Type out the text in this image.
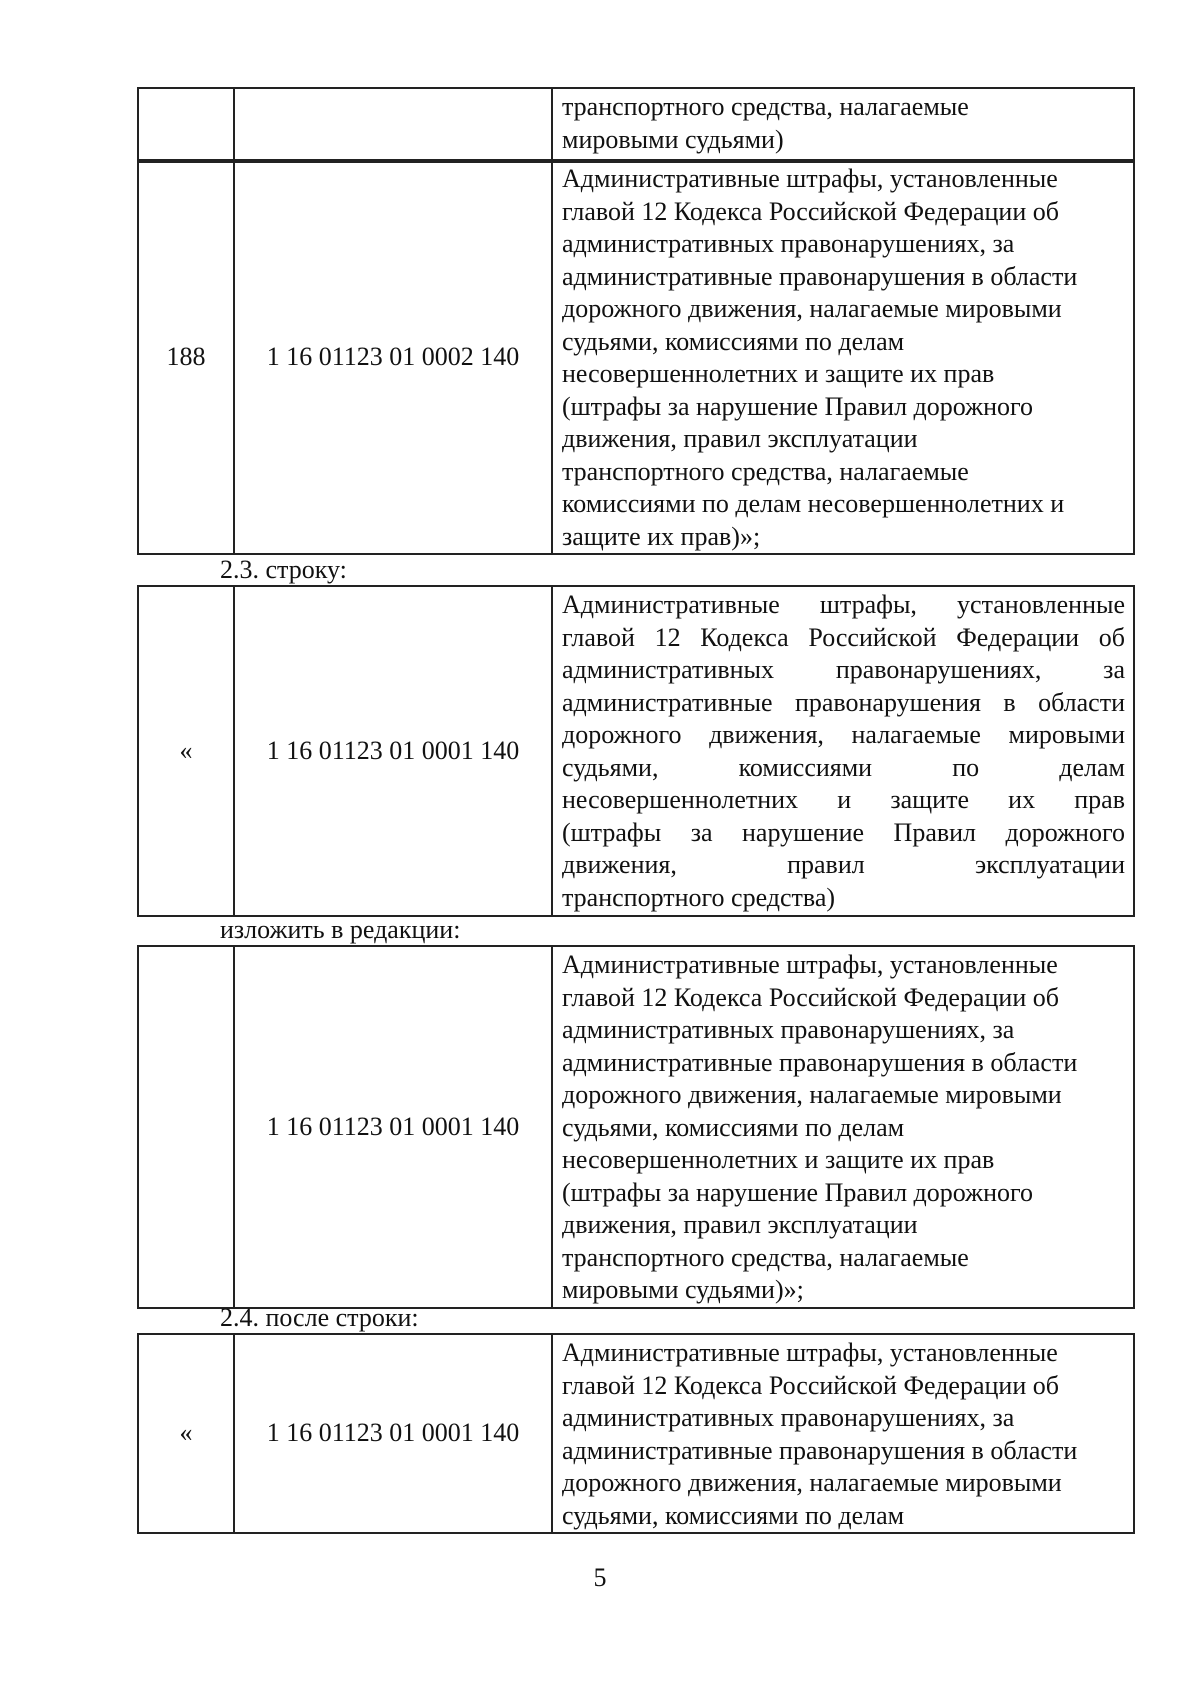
транспортного средства, налагаемые
мировыми судьями)
188	1 16 01123 01 0002 140	
Административные штрафы, установленные
главой 12 Кодекса Российской Федерации об
административных правонарушениях, за
административные правонарушения в области
дорожного движения, налагаемые мировыми
судьями, комиссиями по делам
несовершеннолетних и защите их прав
(штрафы за нарушение Правил дорожного
движения, правил эксплуатации
транспортного средства, налагаемые
комиссиями по делам несовершеннолетних и
защите их прав)»;
2.3. строку:
«	1 16 01123 01 0001 140	
Административные штрафы, установленные
главой 12 Кодекса Российской Федерации об
административных правонарушениях, за
административные правонарушения в области
дорожного движения, налагаемые мировыми
судьями, комиссиями по делам
несовершеннолетних и защите их прав
(штрафы за нарушение Правил дорожного
движения, правил эксплуатации
транспортного средства)
изложить в редакции:
	1 16 01123 01 0001 140	
Административные штрафы, установленные
главой 12 Кодекса Российской Федерации об
административных правонарушениях, за
административные правонарушения в области
дорожного движения, налагаемые мировыми
судьями, комиссиями по делам
несовершеннолетних и защите их прав
(штрафы за нарушение Правил дорожного
движения, правил эксплуатации
транспортного средства, налагаемые
мировыми судьями)»;
2.4. после строки:
«	1 16 01123 01 0001 140	
Административные штрафы, установленные
главой 12 Кодекса Российской Федерации об
административных правонарушениях, за
административные правонарушения в области
дорожного движения, налагаемые мировыми
судьями, комиссиями по делам
5
